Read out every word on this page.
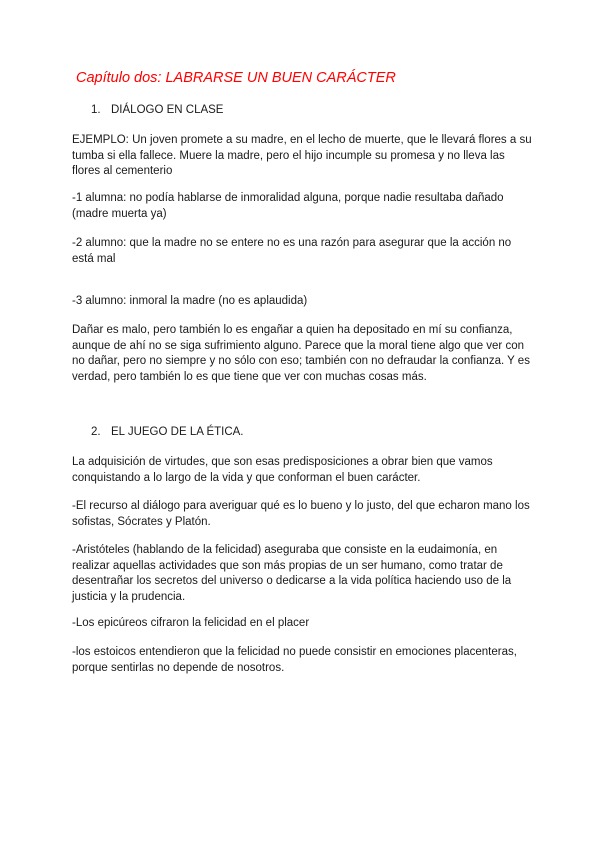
Capítulo dos: LABRARSE UN BUEN CARÁCTER
1. DIÁLOGO EN CLASE

EJEMPLO: Un joven promete a su madre, en el lecho de muerte, que le llevará flores a su tumba si ella fallece. Muere la madre, pero el hijo incumple su promesa y no lleva las flores al cementerio

-1 alumna: no podía hablarse de inmoralidad alguna, porque nadie resultaba dañado (madre muerta ya)

-2 alumno: que la madre no se entere no es una razón para asegurar que la acción no está mal

-3 alumno: inmoral la madre (no es aplaudida)

Dañar es malo, pero también lo es engañar a quien ha depositado en mí su confianza, aunque de ahí no se siga sufrimiento alguno. Parece que la moral tiene algo que ver con no dañar, pero no siempre y no sólo con eso; también con no defraudar la confianza. Y es verdad, pero también lo es que tiene que ver con muchas cosas más.

2. EL JUEGO DE LA ÉTICA.

La adquisición de virtudes, que son esas predisposiciones a obrar bien que vamos conquistando a lo largo de la vida y que conforman el buen carácter.

-El recurso al diálogo para averiguar qué es lo bueno y lo justo, del que echaron mano los sofistas, Sócrates y Platón.

-Aristóteles (hablando de la felicidad) aseguraba que consiste en la eudaimonía, en realizar aquellas actividades que son más propias de un ser humano, como tratar de desentrañar los secretos del universo o dedicarse a la vida política haciendo uso de la justicia y la prudencia.

-Los epicúreos cifraron la felicidad en el placer

-los estoicos entendieron que la felicidad no puede consistir en emociones placenteras, porque sentirlas no depende de nosotros.
